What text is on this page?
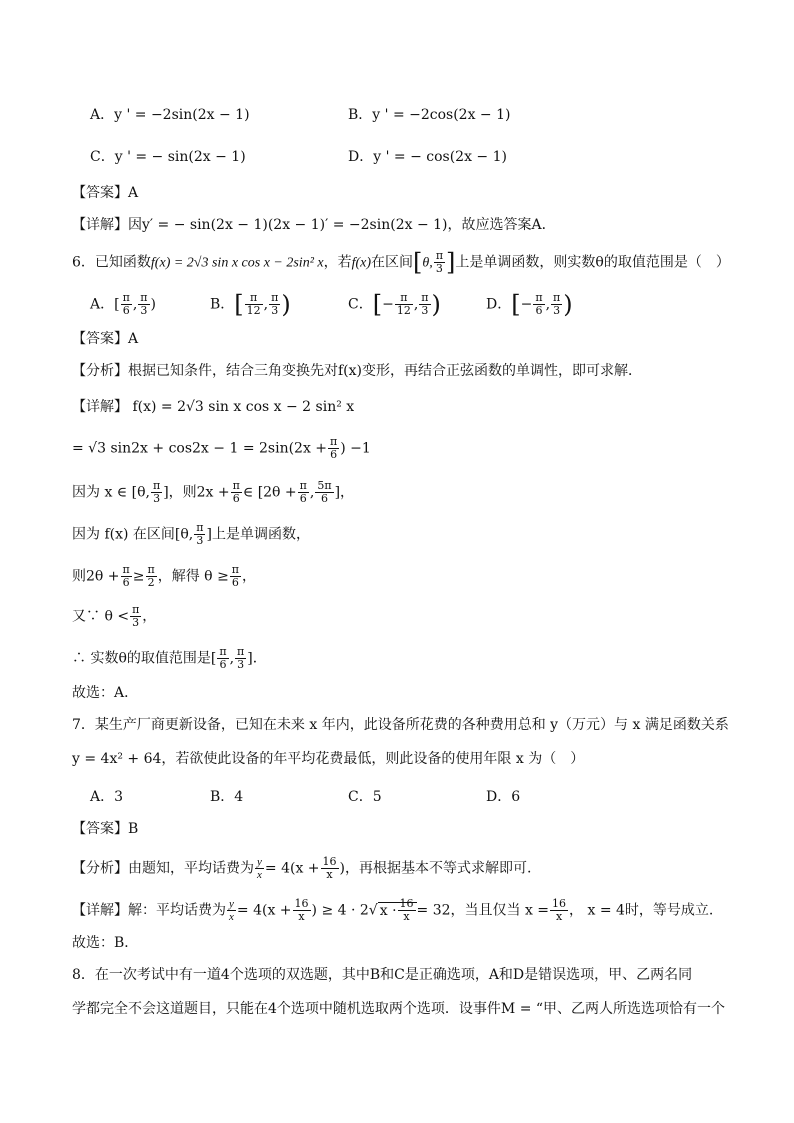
A．y ' = −2sin(2x − 1)	B．y ' = −2cos(2x − 1)
C．y ' = − sin(2x − 1)	D．y ' = − cos(2x − 1)
【答案】A
【详解】因y′ = − sin(2x − 1)(2x − 1)′ = −2sin(2x − 1)，故应选答案A．
6．已知函数f(x) = 2√3 sin x cos x − 2sin² x，若f(x)在区间[θ, $\frac{\pi}{3}$ ]上是单调函数，则实数θ的取值范围是（　）
A．[ $\frac{\pi}{6}$ , $\frac{\pi}{3}$ )	B．[ $\frac{\pi}{12}$ , $\frac{\pi}{3}$ )	C．[− $\frac{\pi}{12}$ , $\frac{\pi}{3}$ )	D．[− $\frac{\pi}{6}$ , $\frac{\pi}{3}$ )
【答案】A
【分析】根据已知条件，结合三角变换先对f(x)变形，再结合正弦函数的单调性，即可求解．
【详解】 f(x) = 2√3 sin x cos x − 2 sin² x
= √3 $\sin 2x + \cos 2x - 1 = 2\sin(2x + \frac{\pi}{6}$ ) −1
因为 x ∈ [θ, $\frac{\pi}{3}$ ]，则$2x + \frac{\pi}{6}$ ∈ [$2\theta + \frac{\pi}{6}$ , $\frac{5\pi}{6}$ ]，
因为 f(x) 在区间[θ, $\frac{\pi}{3}$ ]上是单调函数，
则$2\theta + \frac{\pi}{6} \ge \frac{\pi}{2}$ ，解得 $\theta \ge \frac{\pi}{6}$ ，
又∵ $\theta < \frac{\pi}{3}$ ，
∴ 实数θ的取值范围是[ $\frac{\pi}{6}$ , $\frac{\pi}{3}$ ]．
故选：A．
7．某生产厂商更新设备，已知在未来 x 年内，此设备所花费的各种费用总和 y（万元）与 x 满足函数关系
y = 4x² + 64，若欲使此设备的年平均花费最低，则此设备的使用年限 x 为（　）
A．3	B．4	C．5	D．6
【答案】B
【分析】由题知，平均话费为 $\frac{y}{x} = 4(x + \frac{16}{x}$ )，再根据基本不等式求解即可.
【详解】解：平均话费为 $\frac{y}{x} = 4(x + \frac{16}{x}$ ) ≥ 4 · 2√ $x \cdot \frac{16}{x} = 32$，当且仅当 $x = \frac{16}{x}$ ， x = 4时，等号成立.
故选：B．
8．在一次考试中有一道4个选项的双选题，其中B和C是正确选项，A和D是错误选项，甲、乙两名同
学都完全不会这道题目，只能在4个选项中随机选取两个选项．设事件M = “甲、乙两人所选选项恰有一个
